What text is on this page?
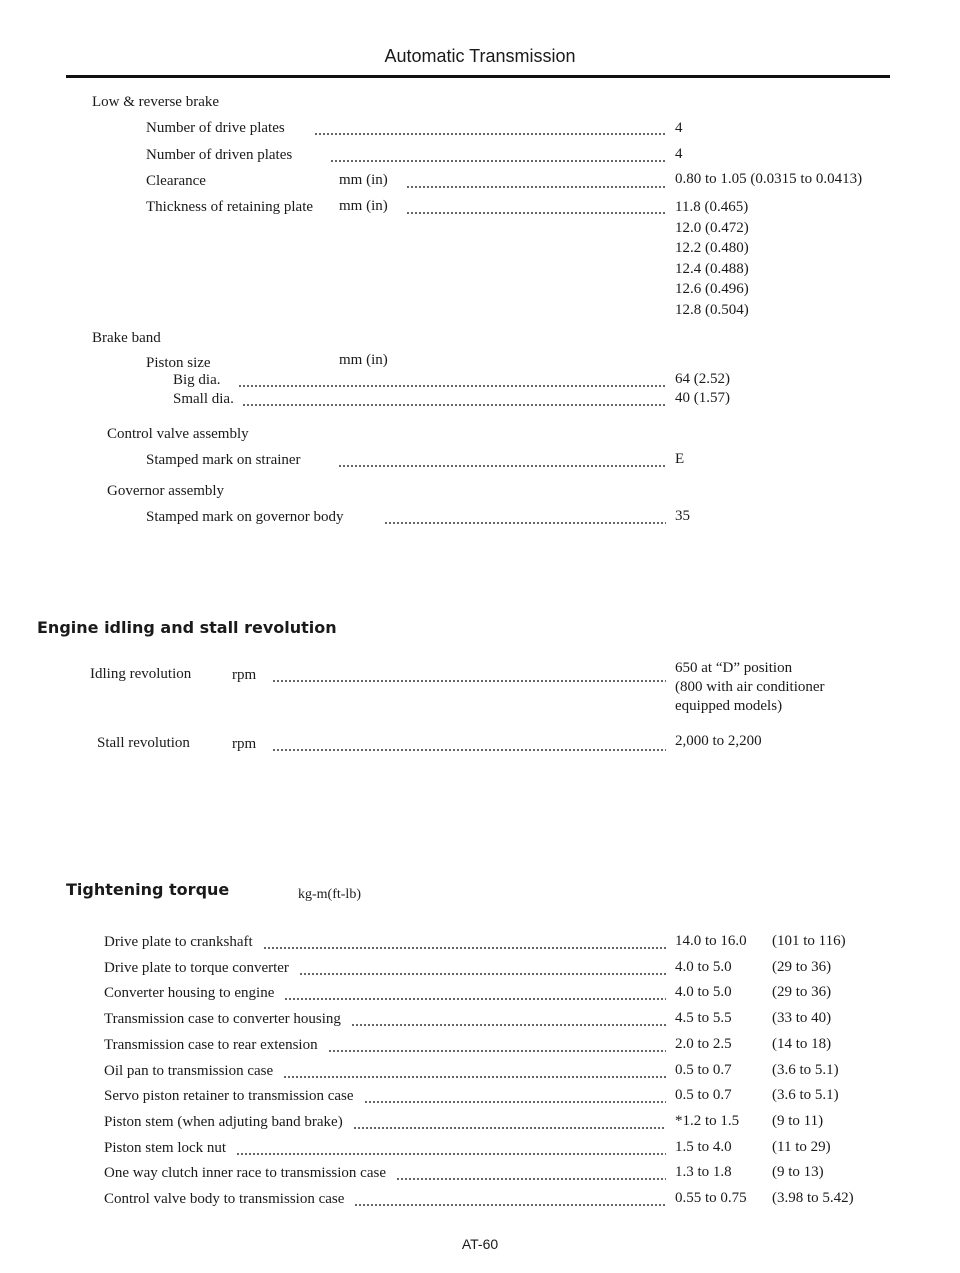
Automatic Transmission
Low & reverse brake
Number of drive plates	4
Number of driven plates	4
Clearance	mm (in)	0.80 to 1.05 (0.0315 to 0.0413)
Thickness of retaining plate mm (in)	11.8 (0.465)
12.0 (0.472)
12.2 (0.480)
12.4 (0.488)
12.6 (0.496)
12.8 (0.504)
Brake band
Piston size	mm (in)
Big dia.	64 (2.52)
Small dia.	40 (1.57)
Control valve assembly
Stamped mark on strainer	E
Governor assembly
Stamped mark on governor body	35
Engine idling and stall revolution
Idling revolution	rpm	650 at “D” position
(800 with air conditioner
equipped models)
Stall revolution	rpm	2,000 to 2,200
Tightening torque	kg-m(ft-lb)
Drive plate to crankshaft	14.0 to 16.0 (101 to 116)
Drive plate to torque converter	4.0 to 5.0	(29 to 36)
Converter housing to engine	4.0 to 5.0	(29 to 36)
Transmission case to converter housing	4.5 to 5.5	(33 to 40)
Transmission case to rear extension	2.0 to 2.5	(14 to 18)
Oil pan to transmission case	0.5 to 0.7	(3.6 to 5.1)
Servo piston retainer to transmission case	0.5 to 0.7	(3.6 to 5.1)
Piston stem (when adjuting band brake)	*1.2 to 1.5 (9 to 11)
Piston stem lock nut	1.5 to 4.0	(11 to 29)
One way clutch inner race to transmission case	1.3 to 1.8	(9 to 13)
Control valve body to transmission case	0.55 to 0.75 (3.98 to 5.42)
AT-60
